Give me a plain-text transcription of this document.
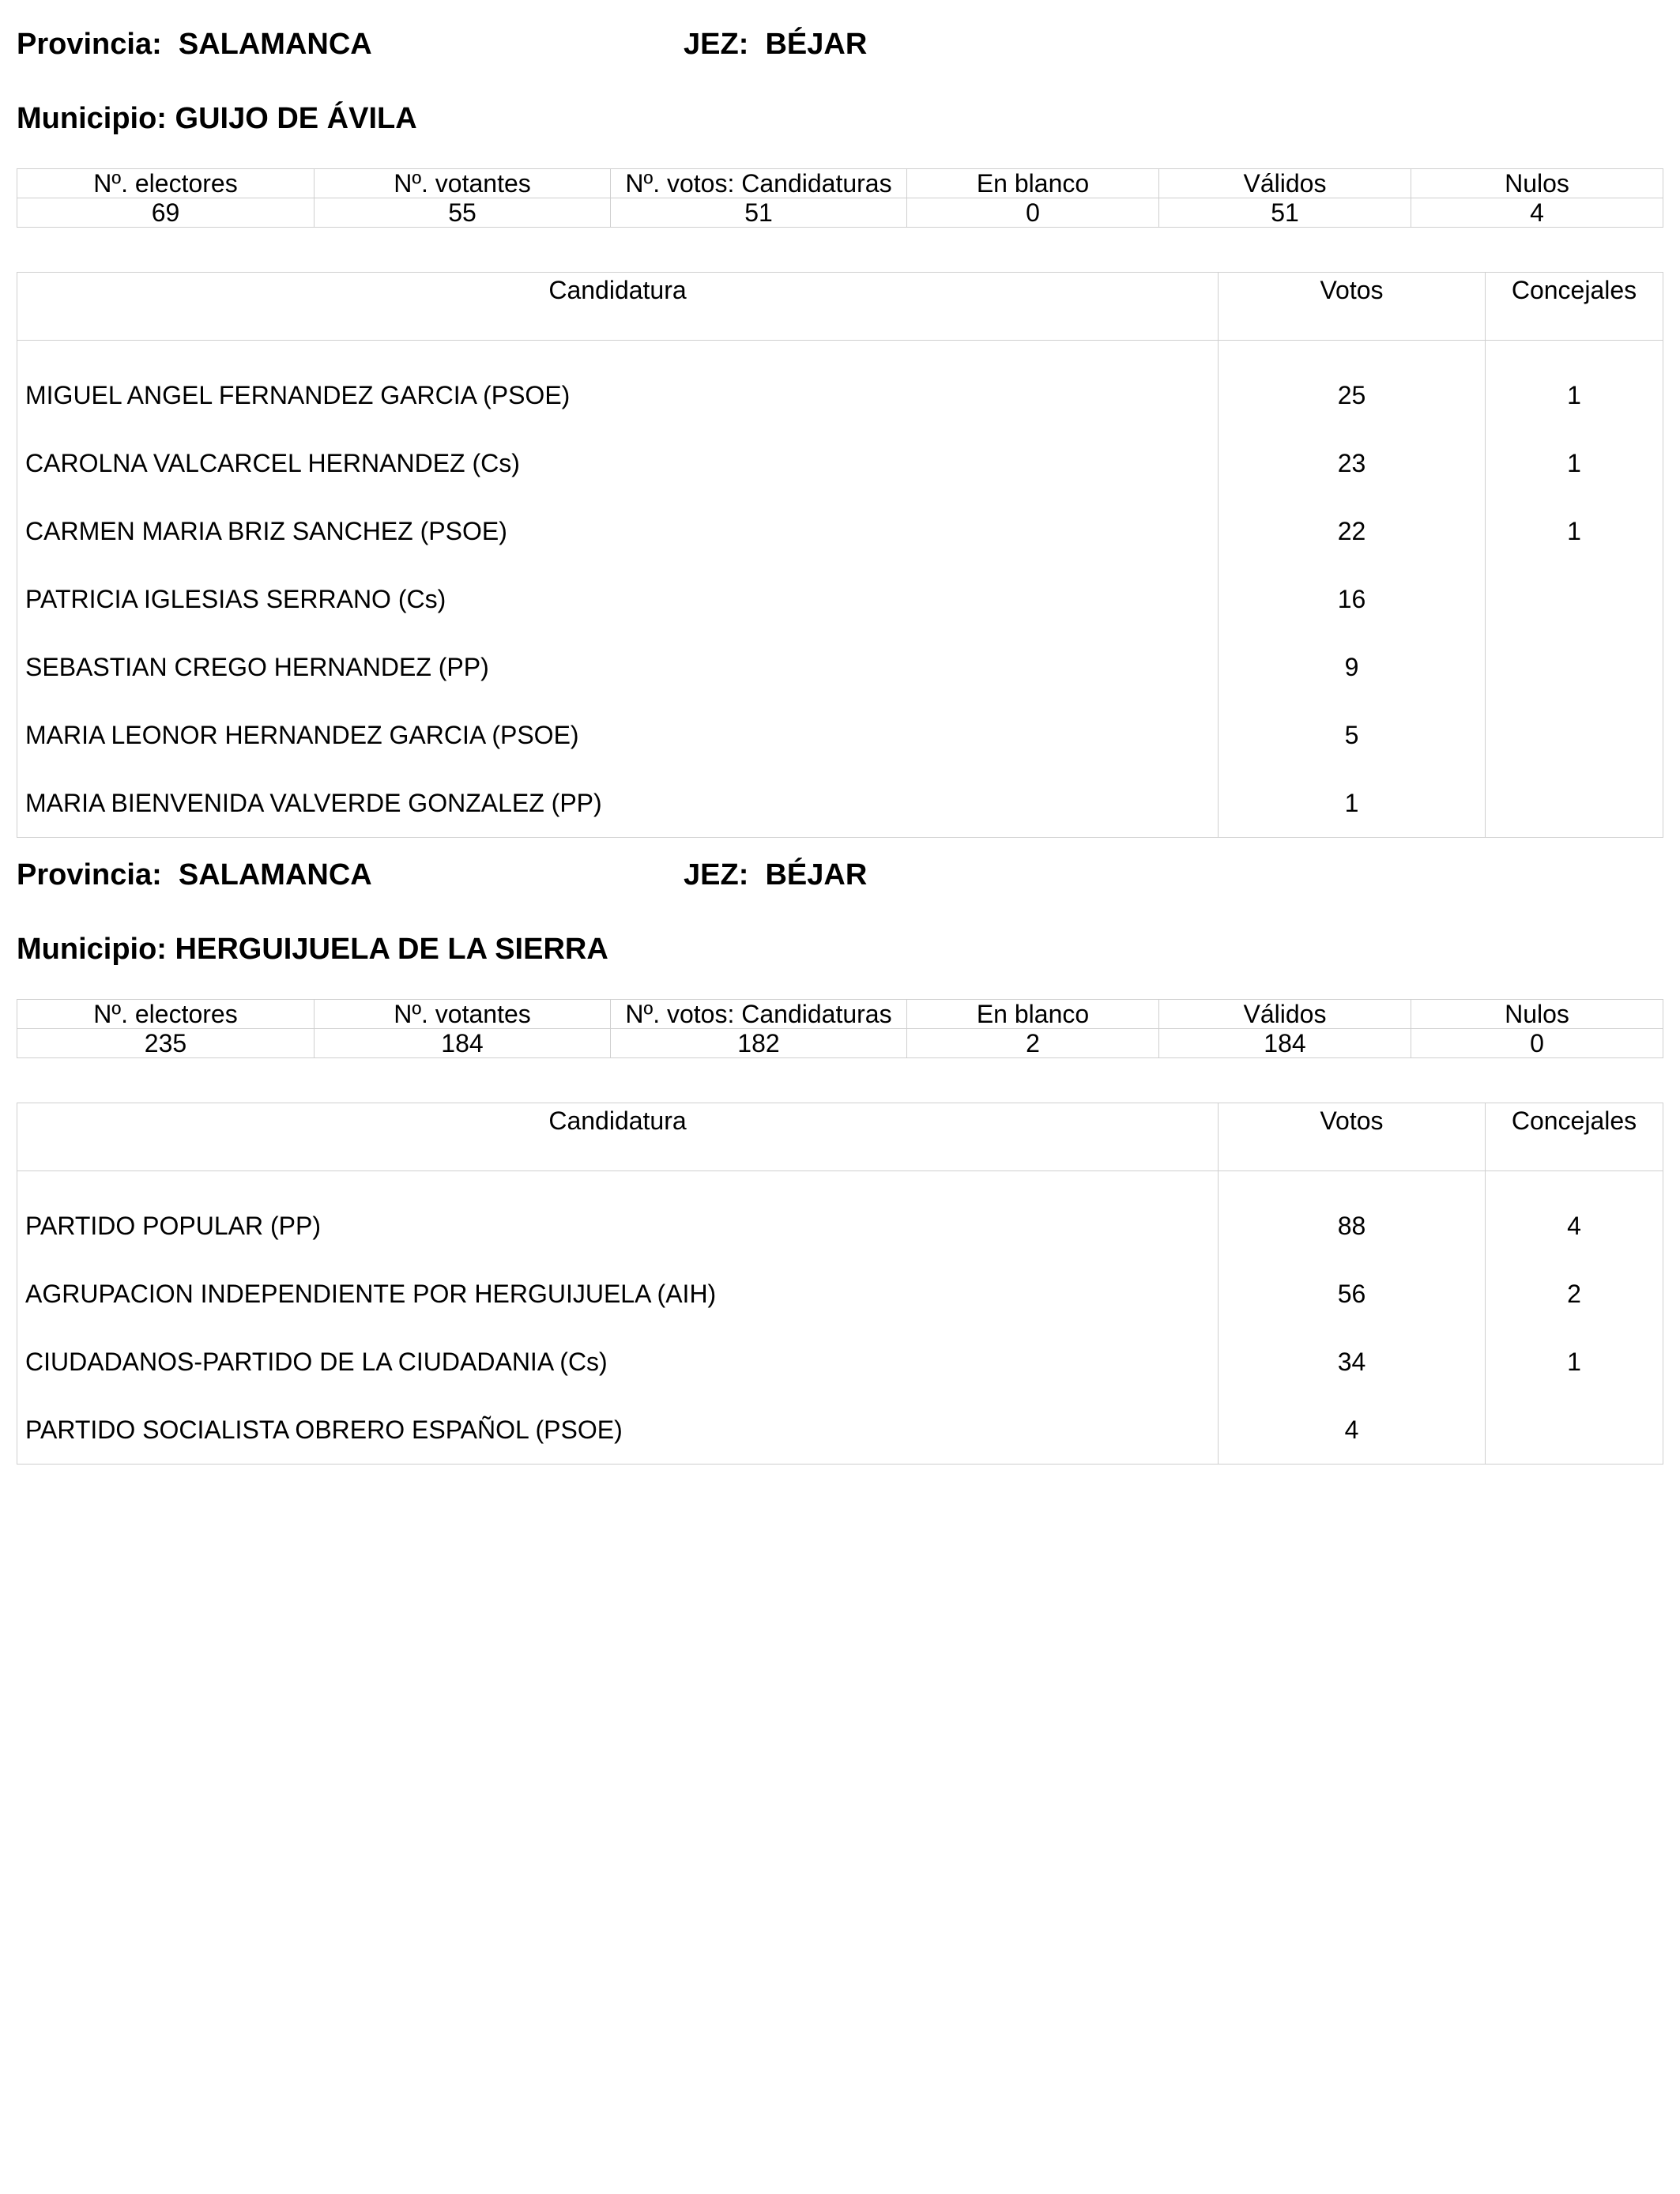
Provincia: SALAMANCA	JEZ: BÉJAR
Municipio: GUIJO DE ÁVILA
Nº. electores	Nº. votantes	Nº. votos: Candidaturas	En blanco	Válidos	Nulos
69	55	51	0	51	4
Candidatura	Votos	Concejales
MIGUEL ANGEL FERNANDEZ GARCIA (PSOE)	25	1
CAROLNA VALCARCEL HERNANDEZ (Cs)	23	1
CARMEN MARIA BRIZ SANCHEZ (PSOE)	22	1
PATRICIA IGLESIAS SERRANO (Cs)	16	
SEBASTIAN CREGO HERNANDEZ (PP)	9	
MARIA LEONOR HERNANDEZ GARCIA (PSOE)	5	
MARIA BIENVENIDA VALVERDE GONZALEZ (PP)	1	
Provincia: SALAMANCA	JEZ: BÉJAR
Municipio: HERGUIJUELA DE LA SIERRA
Nº. electores	Nº. votantes	Nº. votos: Candidaturas	En blanco	Válidos	Nulos
235	184	182	2	184	0
Candidatura	Votos	Concejales
PARTIDO POPULAR (PP)	88	4
AGRUPACION INDEPENDIENTE POR HERGUIJUELA (AIH)	56	2
CIUDADANOS-PARTIDO DE LA CIUDADANIA (Cs)	34	1
PARTIDO SOCIALISTA OBRERO ESPAÑOL (PSOE)	4	
